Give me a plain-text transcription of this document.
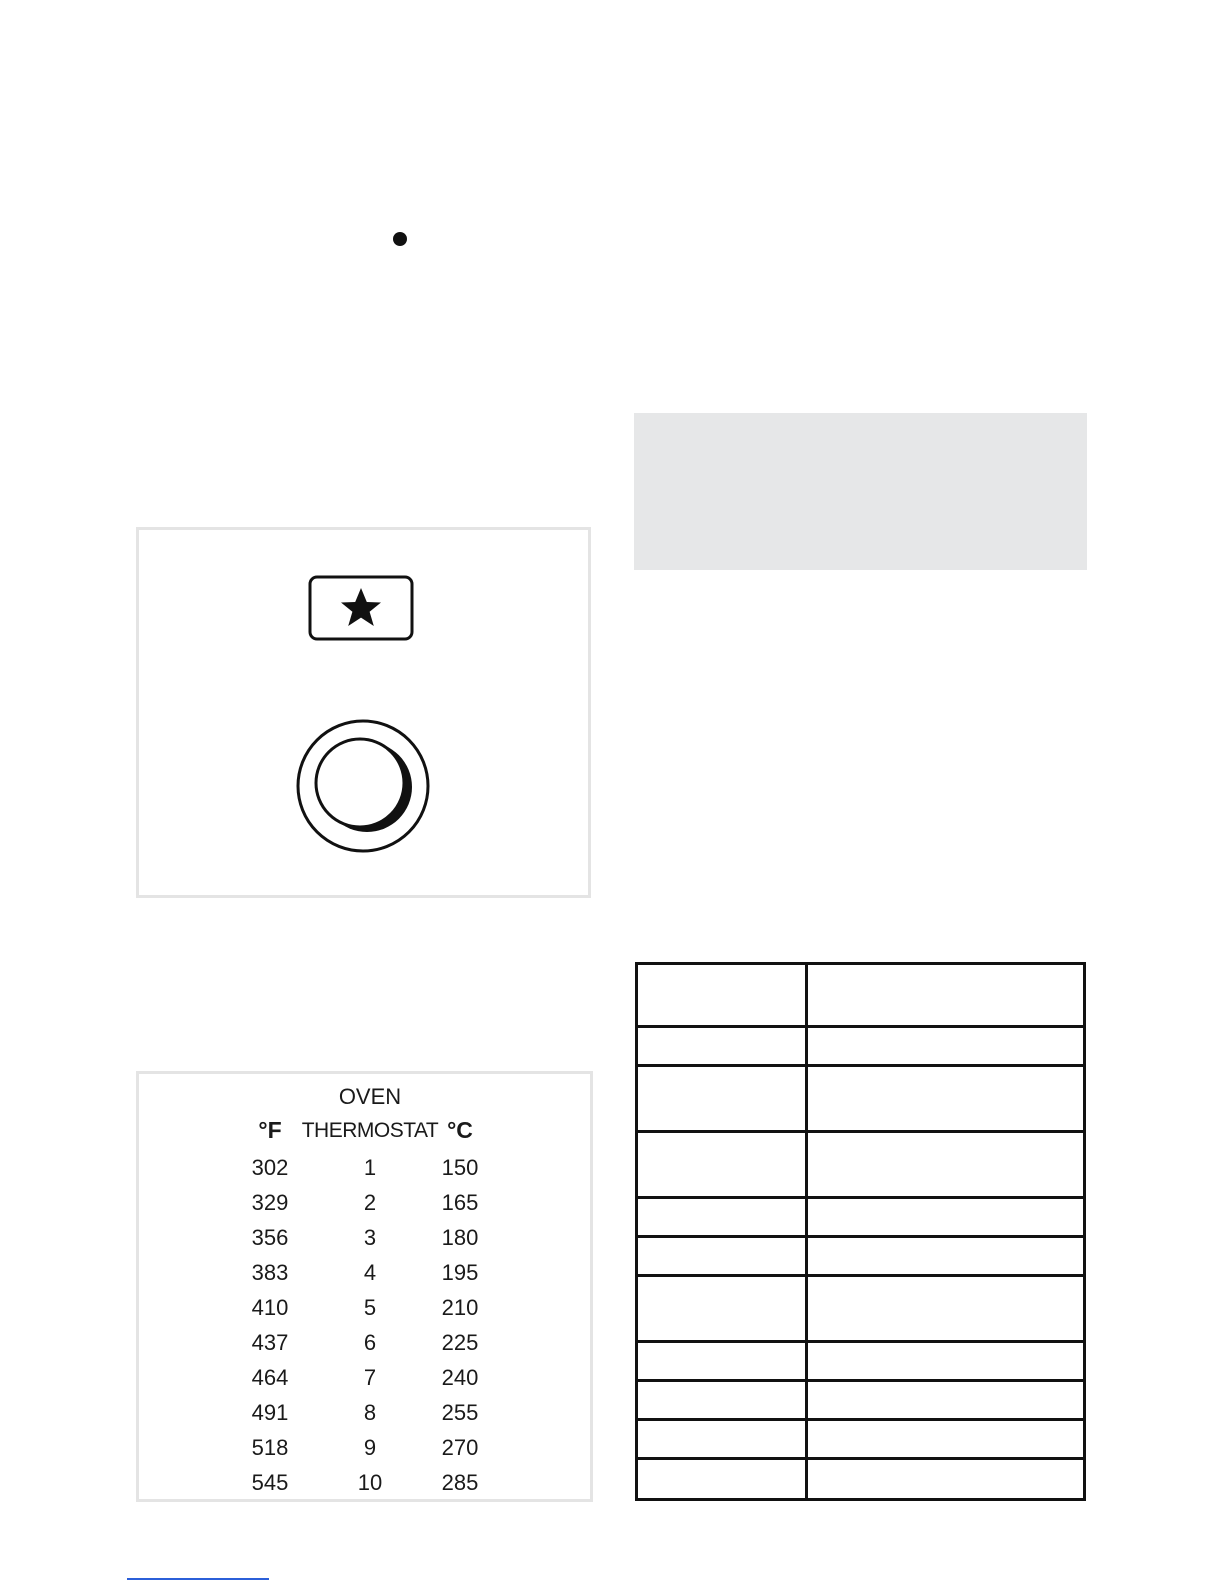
OVEN
°F THERMOSTAT °C
302	1	150
329	2	165
356	3	180
383	4	195
410	5	210
437	6	225
464	7	240
491	8	255
518	9	270
545	10	285
